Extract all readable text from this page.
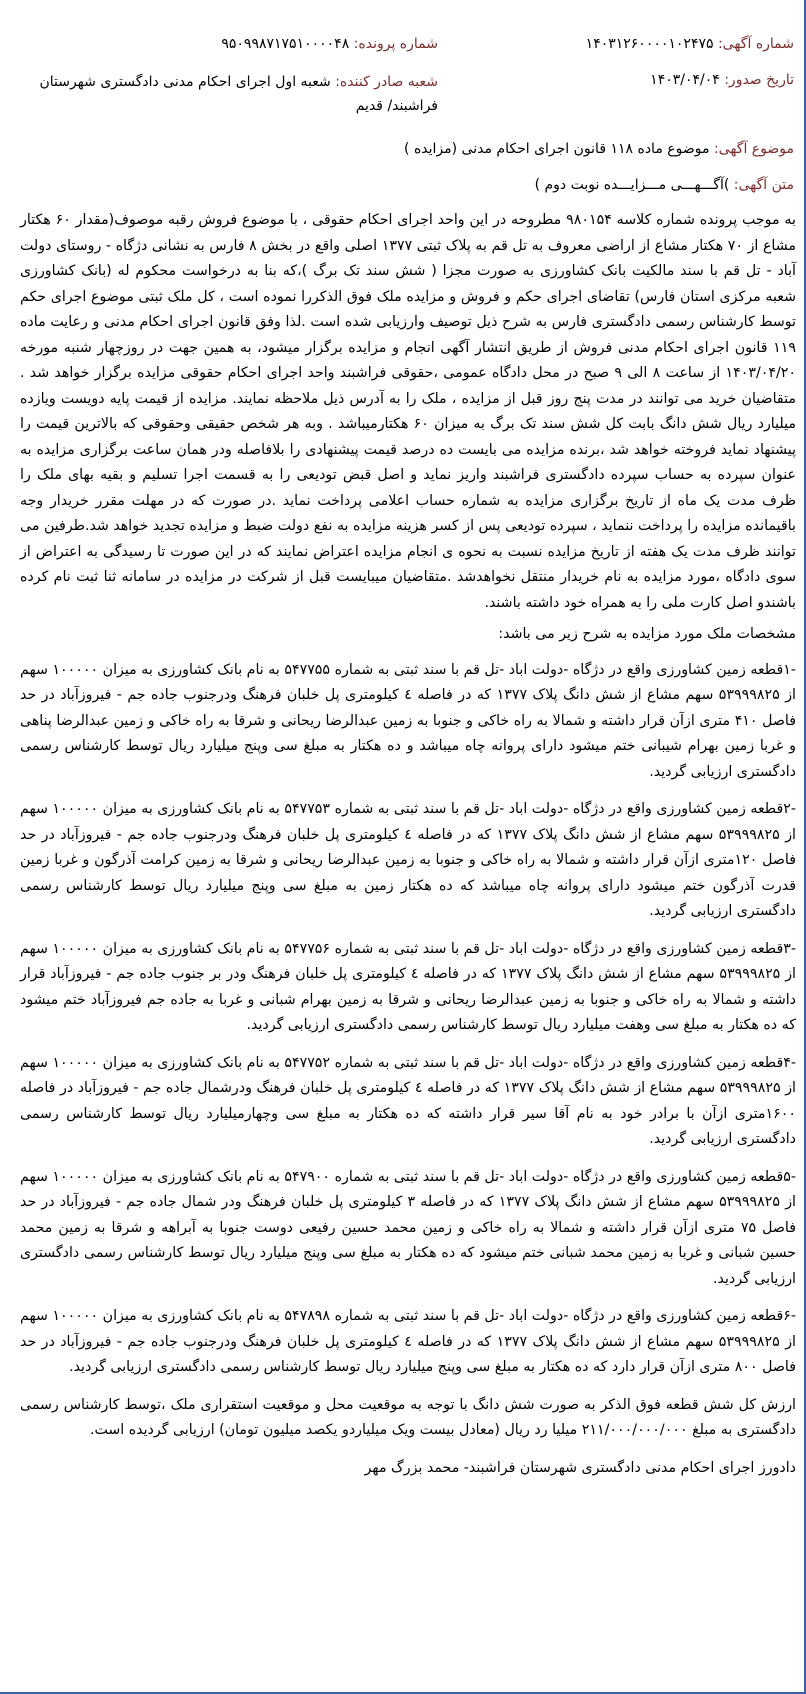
شماره آگهی: ۱۴۰۳۱۲۶۰۰۰۰۱۰۲۴۷۵
شماره پرونده: ۹۵۰۹۹۸۷۱۷۵۱۰۰۰۰۴۸
تاریخ صدور: ۱۴۰۳/۰۴/۰۴
شعبه صادر کننده: شعبه اول اجرای احکام مدنی دادگستری شهرستان فراشبند/ قدیم
موضوع آگهی: موضوع ماده ۱۱۸ قانون اجرای احکام مدنی (مزایده )
متن آگهی: )آگـــهـــی مـــزایـــده نوبت دوم )

به موجب پرونده شماره کلاسه ۹۸۰۱۵۴ مطروحه در این واحد اجرای احکام حقوقی ، با موضوع فروش رقبه موصوف(مقدار ۶۰ هکتار مشاع از ۷۰ هکتار مشاع از اراضی معروف به تل قم به پلاک ثبتی ۱۳۷۷ اصلی واقع در بخش ۸ فارس به نشانی دژگاه - روستای دولت آباد - تل قم با سند مالکیت بانک کشاورزی به صورت مجزا ( شش سند تک برگ )،که بنا به درخواست محکوم له (بانک کشاورزی شعبه مرکزی استان فارس) تقاضای اجرای حکم و فروش و مزایده ملک فوق الذکررا نموده است ، کل ملک ثبتی موضوع اجرای حکم توسط کارشناس رسمی دادگستری فارس به شرح ذیل توصیف وارزیابی شده است .لذا وفق قانون اجرای احکام مدنی و رعایت ماده ۱۱۹ قانون اجرای احکام مدنی فروش از طریق انتشار آگهی انجام و مزایده برگزار میشود، به همین جهت در روزچهار شنبه مورخه ۱۴۰۳/۰۴/۲۰ از ساعت ۸ الی ۹ صبح در محل دادگاه عمومی ،حقوقی فراشبند واحد اجرای احکام حقوقی مزایده برگزار خواهد شد . متقاضیان خرید می توانند در مدت پنج روز قبل از مزایده ، ملک را به آدرس ذیل ملاحظه نمایند. مزایده از قیمت پایه دویست ویازده میلیارد ریال شش دانگ بابت کل شش سند تک برگ به میزان ۶۰ هکتارمیباشد . وبه هر شخص حقیقی وحقوقی که بالاترین قیمت را پیشنهاد نماید فروخته خواهد شد ،برنده مزایده می بایست ده درصد قیمت پیشنهادی را بلافاصله ودر همان ساعت برگزاری مزایده به عنوان سپرده به حساب سپرده دادگستری فراشبند واریز نماید و اصل قبض تودیعی را به قسمت اجرا تسلیم و بقیه بهای ملک را ظرف مدت یک ماه از تاریخ برگزاری مزایده به شماره حساب اعلامی پرداخت نماید .در صورت که در مهلت مقرر خریدار وجه باقیمانده مزایده را پرداخت ننماید ، سپرده تودیعی پس از کسر هزینه مزایده به نفع دولت ضبط و مزایده تجدید خواهد شد.طرفین می توانند ظرف مدت یک هفته از تاریخ مزایده نسبت به نحوه ی انجام مزایده اعتراض نمایند که در این صورت تا رسیدگی به اعتراض از سوی دادگاه ،مورد مزایده به نام خریدار منتقل نخواهدشد .متقاضیان میبایست قبل از شرکت در مزایده در سامانه ثنا ثبت نام کرده باشندو اصل کارت ملی را به همراه خود داشته باشند.

مشخصات ملک مورد مزایده به شرح زیر می باشد:

-۱قطعه زمین کشاورزی واقع در دژگاه -دولت اباد -تل قم با سند ثبتی به شماره ۵۴۷۷۵۵ به نام بانک کشاورزی به میزان ۱۰۰۰۰۰ سهم از ۵۳۹۹۹۸۲۵ سهم مشاع از شش دانگ پلاک ۱۳۷۷ که در فاصله ٤ کیلومتری پل خلبان فرهنگ ودرجنوب جاده جم - فیروزآباد در حد فاصل ۴۱۰ متری ازآن قرار داشته و شمالا به راه خاکی و جنوبا به زمین عبدالرضا ریحانی و شرقا به راه خاکی و زمین عبدالرضا پناهی و غربا زمین بهرام شیبانی ختم میشود دارای پروانه چاه میباشد و ده هکتار به مبلغ سی وپنج میلیارد ریال توسط کارشناس رسمی دادگستری ارزیابی گردید.

-۲قطعه زمین کشاورزی واقع در دژگاه -دولت اباد -تل قم با سند ثبتی به شماره ۵۴۷۷۵۳ به نام بانک کشاورزی به میزان ۱۰۰۰۰۰ سهم از ۵۳۹۹۹۸۲۵ سهم مشاع از شش دانگ پلاک ۱۳۷۷ که در فاصله ٤ کیلومتری پل خلبان فرهنگ ودرجنوب جاده جم - فیروزآباد در حد فاصل ۱۲۰متری ازآن قرار داشته و شمالا به راه خاکی و جنوبا به زمین عبدالرضا ریحانی و شرقا به زمین کرامت آذرگون و غربا زمین قدرت آذرگون ختم میشود دارای پروانه چاه میباشد که ده هکتار زمین به مبلغ سی وپنج میلیارد ریال توسط کارشناس رسمی دادگستری ارزیابی گردید.

-۳قطعه زمین کشاورزی واقع در دژگاه -دولت اباد -تل قم با سند ثبتی به شماره ۵۴۷۷۵۶ به نام بانک کشاورزی به میزان ۱۰۰۰۰۰ سهم از ۵۳۹۹۹۸۲۵ سهم مشاع از شش دانگ پلاک ۱۳۷۷ که در فاصله ٤ کیلومتری پل خلبان فرهنگ ودر بر جنوب جاده جم - فیروزآباد قرار داشته و شمالا به راه خاکی و جنوبا به زمین عبدالرضا ریحانی و شرقا به زمین بهرام شبانی و غربا به جاده جم فیروزآباد ختم میشود که ده هکتار به مبلغ سی وهفت میلیارد ریال توسط کارشناس رسمی دادگستری ارزیابی گردید.

-۴قطعه زمین کشاورزی واقع در دژگاه -دولت اباد -تل قم با سند ثبتی به شماره ۵۴۷۷۵۲ به نام بانک کشاورزی به میزان ۱۰۰۰۰۰ سهم از ۵۳۹۹۹۸۲۵ سهم مشاع از شش دانگ پلاک ۱۳۷۷ که در فاصله ٤ کیلومتری پل خلبان فرهنگ ودرشمال جاده جم - فیروزآباد در فاصله ۱۶۰۰متری ازآن با برادر خود به نام آقا سیر قرار داشته که ده هکتار به مبلغ سی وچهارمیلیارد ریال توسط کارشناس رسمی دادگستری ارزیابی گردید.

-۵قطعه زمین کشاورزی واقع در دژگاه -دولت اباد -تل قم با سند ثبتی به شماره ۵۴۷۹۰۰ به نام بانک کشاورزی به میزان ۱۰۰۰۰۰ سهم از ۵۳۹۹۹۸۲۵ سهم مشاع از شش دانگ پلاک ۱۳۷۷ که در فاصله ۳ کیلومتری پل خلبان فرهنگ ودر شمال جاده جم - فیروزآباد در حد فاصل ۷۵ متری ازآن قرار داشته و شمالا به راه خاکی و زمین محمد حسین رفیعی دوست جنوبا به آبراهه و شرقا به زمین محمد حسین شبانی و غربا به زمین محمد شبانی ختم میشود که ده هکتار به مبلغ سی وپنج میلیارد ریال توسط کارشناس رسمی دادگستری ارزیابی گردید.

-۶قطعه زمین کشاورزی واقع در دژگاه -دولت اباد -تل قم با سند ثبتی به شماره ۵۴۷۸۹۸ به نام بانک کشاورزی به میزان ۱۰۰۰۰۰ سهم از ۵۳۹۹۹۸۲۵ سهم مشاع از شش دانگ پلاک ۱۳۷۷ که در فاصله ٤ کیلومتری پل خلبان فرهنگ ودرجنوب جاده جم - فیروزآباد در حد فاصل ۸۰۰ متری ازآن قرار دارد که ده هکتار به مبلغ سی وپنج میلیارد ریال توسط کارشناس رسمی دادگستری ارزیابی گردید.

ارزش کل شش قطعه فوق الذکر به صورت شش دانگ با توجه به موقعیت محل و موقعیت استقراری ملک ،توسط کارشناس رسمی دادگستری به مبلغ ۲۱۱/۰۰۰/۰۰۰/۰۰۰ میلیا رد ریال (معادل بیست ویک میلیاردو یکصد میلیون تومان) ارزیابی گردیده است.

دادورز اجرای احکام مدنی دادگستری شهرستان فراشبند- محمد بزرگ مهر
